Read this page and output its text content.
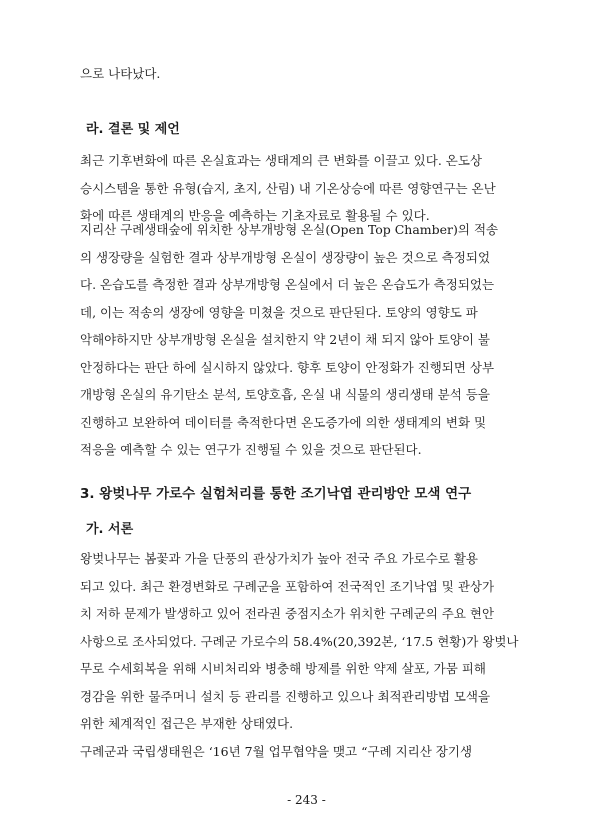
으로 나타났다.

라. 결론 및 제언

최근 기후변화에 따른 온실효과는 생태계의 큰 변화를 이끌고 있다. 온도상
승시스템을 통한 유형(습지, 초지, 산림) 내 기온상승에 따른 영향연구는 온난
화에 따른 생태계의 반응을 예측하는 기초자료로 활용될 수 있다.

지리산 구례생태숲에 위치한 상부개방형 온실(Open Top Chamber)의 적송
의 생장량을 실험한 결과 상부개방형 온실이 생장량이 높은 것으로 측정되었
다. 온습도를 측정한 결과 상부개방형 온실에서 더 높은 온습도가 측정되었는
데, 이는 적송의 생장에 영향을 미쳤을 것으로 판단된다. 토양의 영향도 파
악해야하지만 상부개방형 온실을 설치한지 약 2년이 채 되지 않아 토양이 불
안정하다는 판단 하에 실시하지 않았다. 향후 토양이 안정화가 진행되면 상부
개방형 온실의 유기탄소 분석, 토양호흡, 온실 내 식물의 생리생태 분석 등을
진행하고 보완하여 데이터를 축적한다면 온도증가에 의한 생태계의 변화 및
적응을 예측할 수 있는 연구가 진행될 수 있을 것으로 판단된다.

3. 왕벚나무 가로수 실험처리를 통한 조기낙엽 관리방안 모색 연구
가. 서론

왕벚나무는 봄꽃과 가을 단풍의 관상가치가 높아 전국 주요 가로수로 활용
되고 있다. 최근 환경변화로 구례군을 포함하여 전국적인 조기낙엽 및 관상가
치 저하 문제가 발생하고 있어 전라권 중점지소가 위치한 구례군의 주요 현안
사항으로 조사되었다. 구례군 가로수의 58.4%(20,392본, ‘17.5 현황)가 왕벚나
무로 수세회복을 위해 시비처리와 병충해 방제를 위한 약제 살포, 가뭄 피해
경감을 위한 물주머니 설치 등 관리를 진행하고 있으나 최적관리방법 모색을
위한 체계적인 접근은 부재한 상태였다.

구례군과 국립생태원은 ‘16년 7월 업무협약을 맺고 “구례 지리산 장기생

- 243 -
